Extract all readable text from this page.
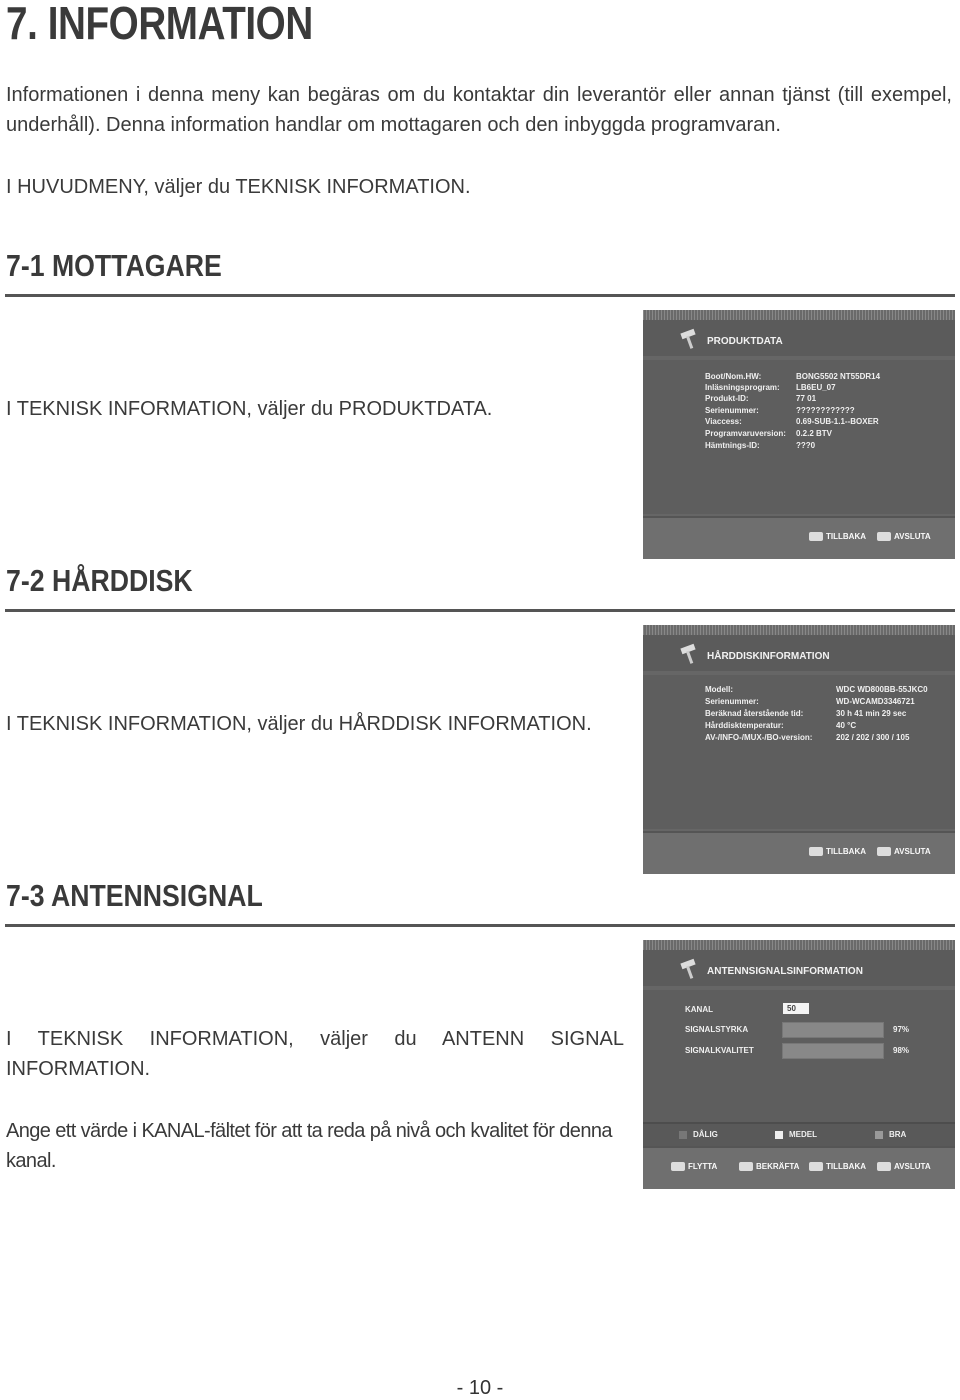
7. INFORMATION
Informationen i denna meny kan begäras om du kontaktar din leverantör eller annan tjänst (till exempel, underhåll). Denna information handlar om mottagaren och den inbyggda programvaran.
I HUVUDMENY, väljer du TEKNISK INFORMATION.
7-1 MOTTAGARE
I TEKNISK INFORMATION, väljer du PRODUKTDATA.
PRODUKTDATA
Boot/Nom.HW:	BONG5502 NT55DR14
Inläsningsprogram: LB6EU_07
Produkt-ID:	77 01
Serienummer:	????????????
Viaccess:	0.69-SUB-1.1--BOXER
Programvaruversion: 0.2.2 BTV
Hämtnings-ID:	???0
TILLBAKA	AVSLUTA
7-2 HÅRDDISK
I TEKNISK INFORMATION, väljer du HÅRDDISK INFORMATION.
HÅRDDISKINFORMATION
Modell:	WDC WD800BB-55JKC0
Serienummer:	WD-WCAMD3346721
Beräknad återstående tid:	30 h 41 min 29 sec
Hårddisktemperatur:	40 °C
AV-/INFO-/MUX-/BO-version:	202 / 202 / 300 / 105
TILLBAKA	AVSLUTA
7-3 ANTENNSIGNAL
I TEKNISK INFORMATION, väljer du ANTENN SIGNAL
INFORMATION.
Ange ett värde i KANAL-fältet för att ta reda på nivå och kvalitet för denna kanal.
ANTENNSIGNALSINFORMATION
KANAL	50
SIGNALSTYRKA	97%
SIGNALKVALITET	98%
DÅLIG	MEDEL	BRA
FLYTTA	BEKRÄFTA	TILLBAKA	AVSLUTA
- 10 -
